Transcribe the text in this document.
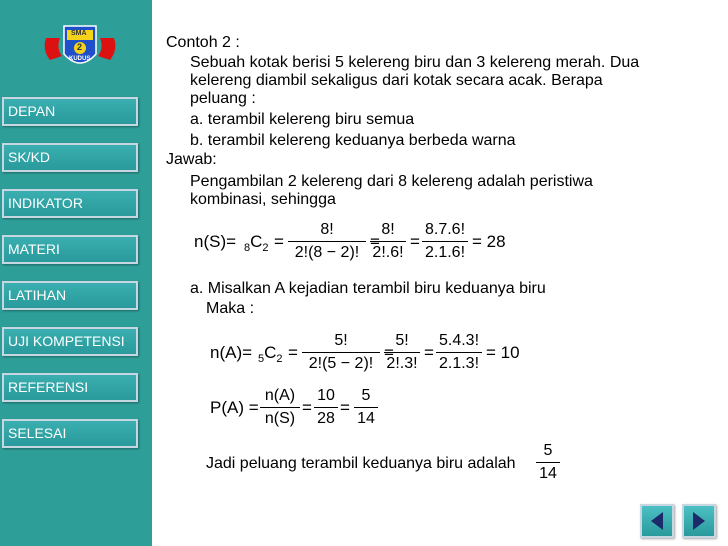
SMA
2
KUDUS
DEPAN
SK/KD
INDIKATOR
MATERI
LATIHAN
UJI KOMPETENSI
REFERENSI
SELESAI
Contoh 2 :
Sebuah kotak berisi 5 kelereng biru dan 3 kelereng merah. Dua
kelereng diambil sekaligus dari kotak secara acak. Berapa
peluang :
a. terambil kelereng biru semua
b. terambil kelereng keduanya berbeda warna
Jawab:
Pengambilan 2 kelereng dari 8 kelereng adalah peristiwa
kombinasi, sehingga
$n(S)= _8C_2$ =
8!
2!(8 − 2)!
=
8!
2!.6!
=
8.7.6!
2.1.6!
= 28
a. Misalkan A kejadian terambil biru keduanya biru
Maka :
$n(A)= _5C_2$ =
5!
2!(5 − 2)!
=
5!
2!.3!
=
5.4.3!
2.1.3!
= 10
P(A) =
n(A)
n(S)
=
10
28
=
5
14
Jadi peluang terambil keduanya biru adalah
5
14
